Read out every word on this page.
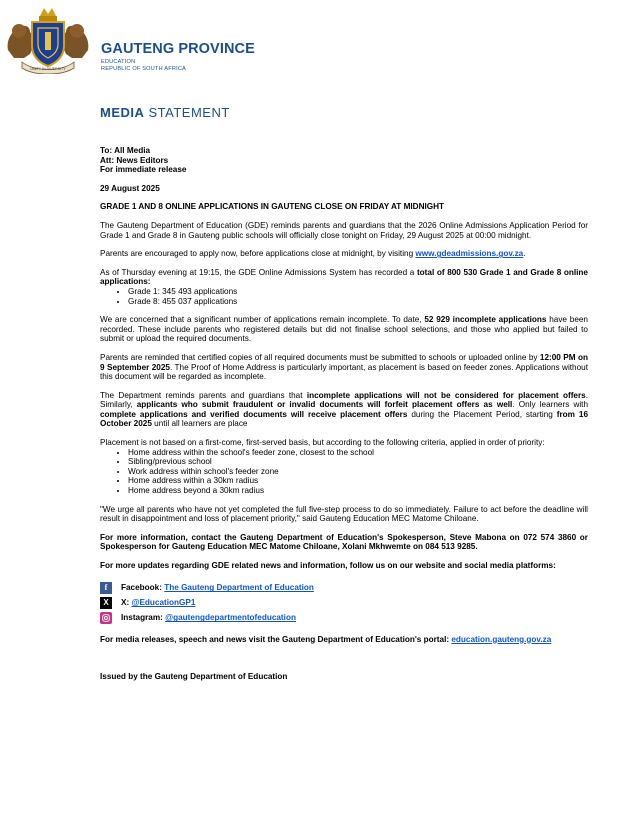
UNITY IN DIVERSITY
GAUTENG PROVINCE
EDUCATION
REPUBLIC OF SOUTH AFRICA
MEDIA STATEMENT

To: All Media

Att: News Editors

For immediate release

29 August 2025

GRADE 1 AND 8 ONLINE APPLICATIONS IN GAUTENG CLOSE ON FRIDAY AT MIDNIGHT

The Gauteng Department of Education (GDE) reminds parents and guardians that the 2026 Online Admissions Application Period for Grade 1 and Grade 8 in Gauteng public schools will officially close tonight on Friday, 29 August 2025 at 00:00 midnight.

Parents are encouraged to apply now, before applications close at midnight, by visiting www.gdeadmissions.gov.za.

As of Thursday evening at 19:15, the GDE Online Admissions System has recorded a total of 800 530 Grade 1 and Grade 8 online applications:

• Grade 1: 345 493 applications
• Grade 8: 455 037 applications

We are concerned that a significant number of applications remain incomplete. To date, 52 929 incomplete applications have been recorded. These include parents who registered details but did not finalise school selections, and those who applied but failed to submit or upload the required documents.

Parents are reminded that certified copies of all required documents must be submitted to schools or uploaded online by 12:00 PM on 9 September 2025. The Proof of Home Address is particularly important, as placement is based on feeder zones. Applications without this document will be regarded as incomplete.

The Department reminds parents and guardians that incomplete applications will not be considered for placement offers. Similarly, applicants who submit fraudulent or invalid documents will forfeit placement offers as well. Only learners with complete applications and verified documents will receive placement offers during the Placement Period, starting from 16 October 2025 until all learners are place

Placement is not based on a first-come, first-served basis, but according to the following criteria, applied in order of priority:

• Home address within the school's feeder zone, closest to the school
• Sibling/previous school
• Work address within school's feeder zone
• Home address within a 30km radius
• Home address beyond a 30km radius

"We urge all parents who have not yet completed the full five-step process to do so immediately. Failure to act before the deadline will result in disappointment and loss of placement priority," said Gauteng Education MEC Matome Chiloane.

For more information, contact the Gauteng Department of Education's Spokesperson, Steve Mabona on 072 574 3860 or Spokesperson for Gauteng Education MEC Matome Chiloane, Xolani Mkhwemte on 084 513 9285.

For more updates regarding GDE related news and information, follow us on our website and social media platforms:

f	Facebook:
The Gauteng Department of Education
X	X:
@EducationGP1
Instagram:
@gautengdepartmentofeducation

For media releases, speech and news visit the Gauteng Department of Education's portal: education.gauteng.gov.za

Issued by the Gauteng Department of Education
